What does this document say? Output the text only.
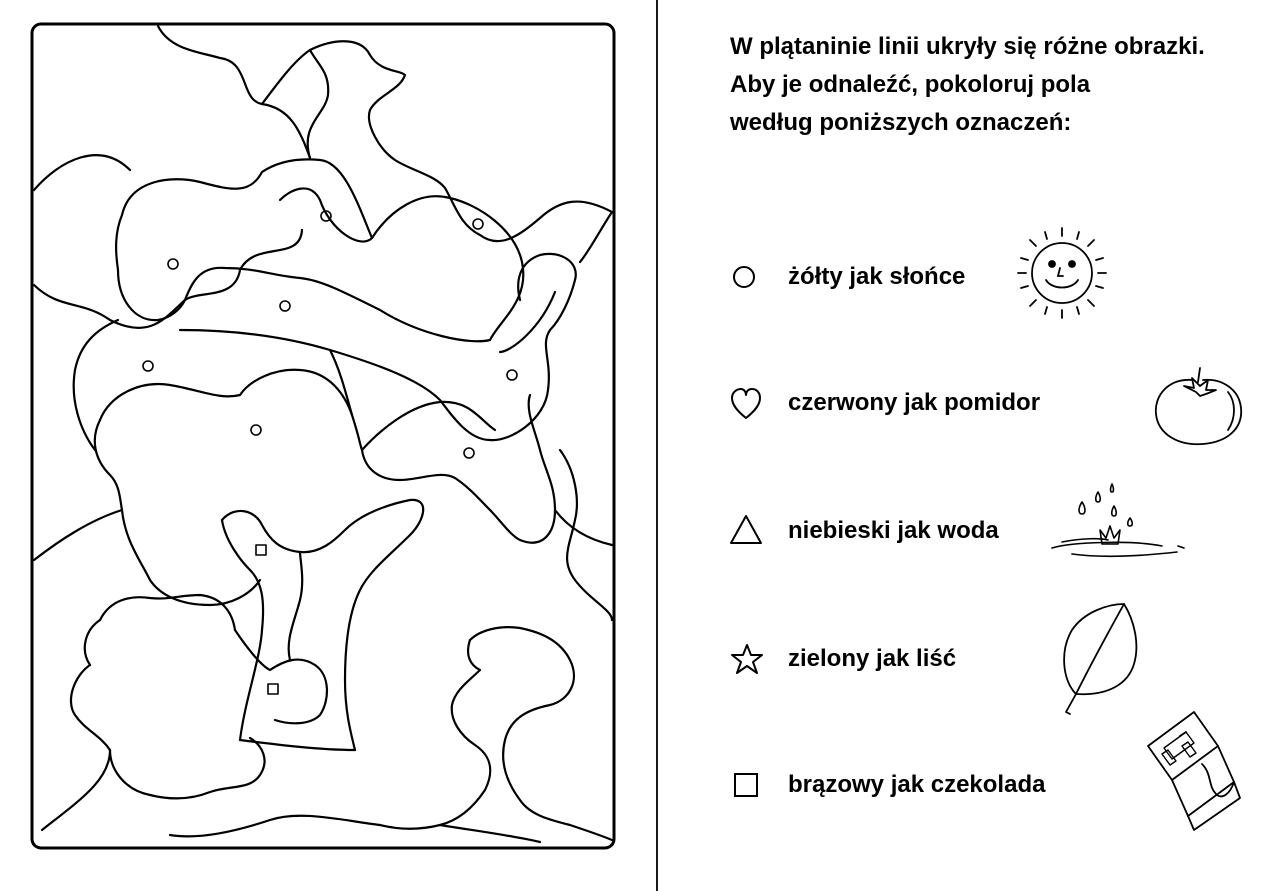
W plątaninie linii ukryły się różne obrazki.
Aby je odnaleźć, pokoloruj pola
według poniższych oznaczeń:

żółty jak słońce
czerwony jak pomidor
niebieski jak woda
zielony jak liść
brązowy jak czekolada
